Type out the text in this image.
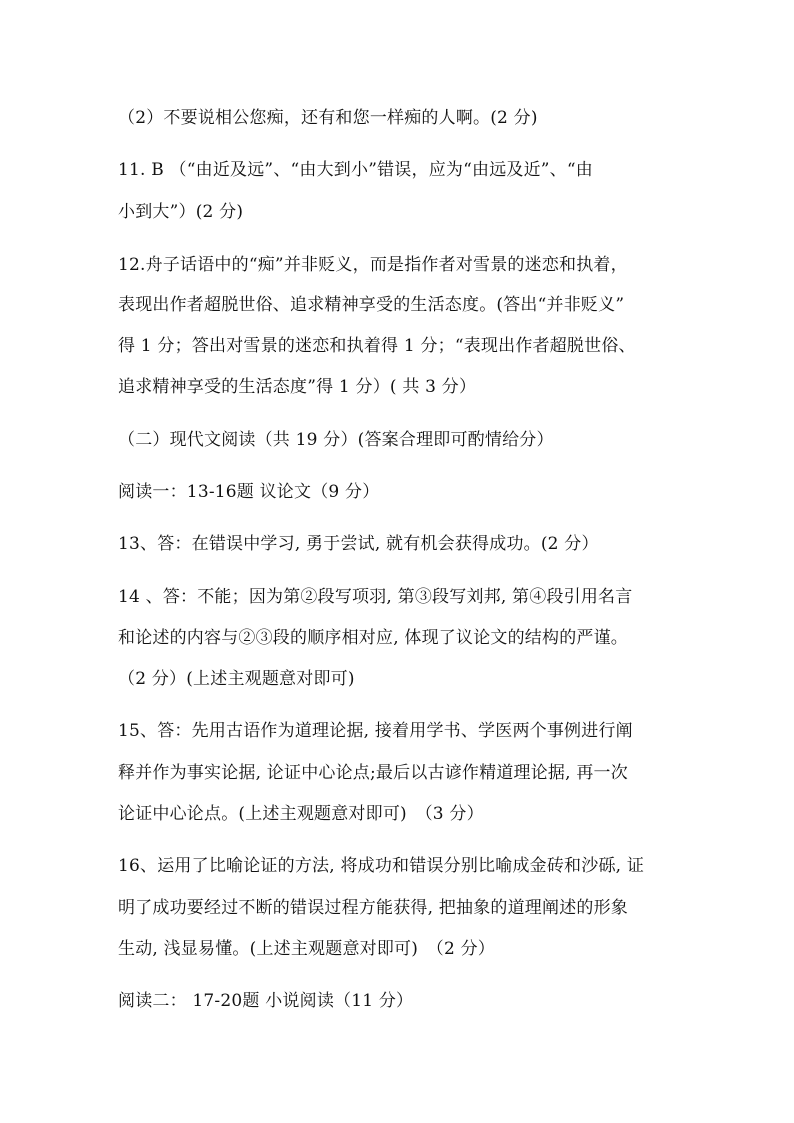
（2）不要说相公您痴，还有和您一样痴的人啊。(2 分)
11. B （“由近及远”、“由大到小”错误，应为“由远及近”、“由
小到大”）(2 分)
12.舟子话语中的“痴”并非贬义，而是指作者对雪景的迷恋和执着，
表现出作者超脱世俗、追求精神享受的生活态度。(答出“并非贬义”
得 1 分；答出对雪景的迷恋和执着得 1 分；“表现出作者超脱世俗、
追求精神享受的生活态度”得 1 分）( 共 3 分）
（二）现代文阅读（共 19 分）(答案合理即可酌情给分）
阅读一：13-16题 议论文（9 分）
13、答：在错误中学习, 勇于尝试, 就有机会获得成功。(2 分）
14 、答：不能；因为第②段写项羽, 第③段写刘邦, 第④段引用名言
和论述的内容与②③段的顺序相对应, 体现了议论文的结构的严谨。
（2 分）(上述主观题意对即可)
15、答：先用古语作为道理论据, 接着用学书、学医两个事例进行阐
释并作为事实论据, 论证中心论点;最后以古谚作精道理论据, 再一次
论证中心论点。(上述主观题意对即可)　（3 分）
16、运用了比喻论证的方法, 将成功和错误分别比喻成金砖和沙砾, 证
明了成功要经过不断的错误过程方能获得, 把抽象的道理阐述的形象
生动, 浅显易懂。(上述主观题意对即可)　（2 分）
阅读二： 17-20题 小说阅读（11 分）
